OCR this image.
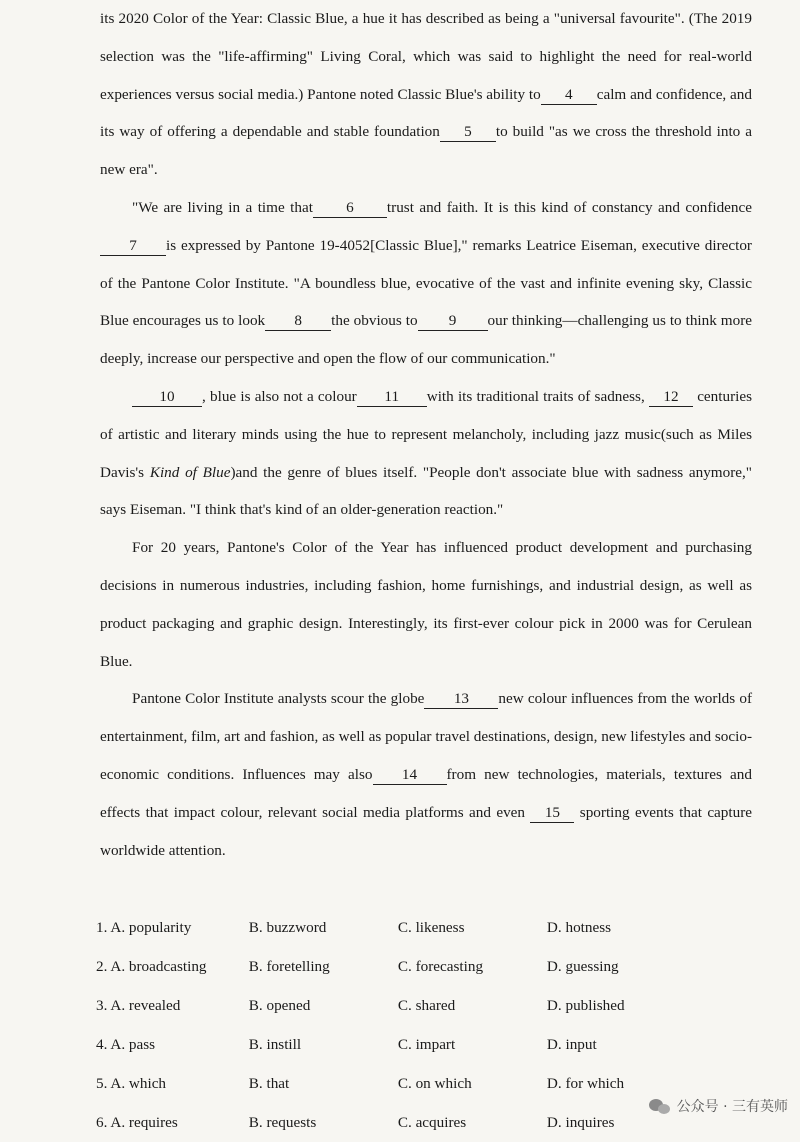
its 2020 Color of the Year: Classic Blue, a hue it has described as being a "universal favourite". (The 2019 selection was the "life-affirming" Living Coral, which was said to highlight the need for real-world experiences versus social media.) Pantone noted Classic Blue's ability to 4 calm and confidence, and its way of offering a dependable and stable foundation 5 to build "as we cross the threshold into a new era".

"We are living in a time that 6 trust and faith. It is this kind of constancy and confidence7 is expressed by Pantone 19-4052[Classic Blue]," remarks Leatrice Eiseman, executive director of the Pantone Color Institute. "A boundless blue, evocative of the vast and infinite evening sky, Classic Blue encourages us to look 8 the obvious to 9 our thinking—challenging us to think more deeply, increase our perspective and open the flow of our communication."

10 , blue is also not a colour 11 with its traditional traits of sadness, 12 centuries of artistic and literary minds using the hue to represent melancholy, including jazz music(such as Miles Davis's Kind of Blue)and the genre of blues itself. "People don't associate blue with sadness anymore," says Eiseman. "I think that's kind of an older-generation reaction."

For 20 years, Pantone's Color of the Year has influenced product development and purchasing decisions in numerous industries, including fashion, home furnishings, and industrial design, as well as product packaging and graphic design. Interestingly, its first-ever colour pick in 2000 was for Cerulean Blue.

Pantone Color Institute analysts scour the globe 13 new colour influences from the worlds of entertainment, film, art and fashion, as well as popular travel destinations, design, new lifestyles and socio-economic conditions. Influences may also 14 from new technologies, materials, textures and effects that impact colour, relevant social media platforms and even 15 sporting events that capture worldwide attention.

1. A. popularity	B. buzzword	C. likeness	D. hotness
2. A. broadcasting	B. foretelling	C. forecasting	D. guessing
3. A. revealed	B. opened	C. shared	D. published
4. A. pass	B. instill	C. impart	D. input
5. A. which	B. that	C. on which	D. for which
6. A. requires	B. requests	C. acquires	D. inquires
公众号 · 三有英师
